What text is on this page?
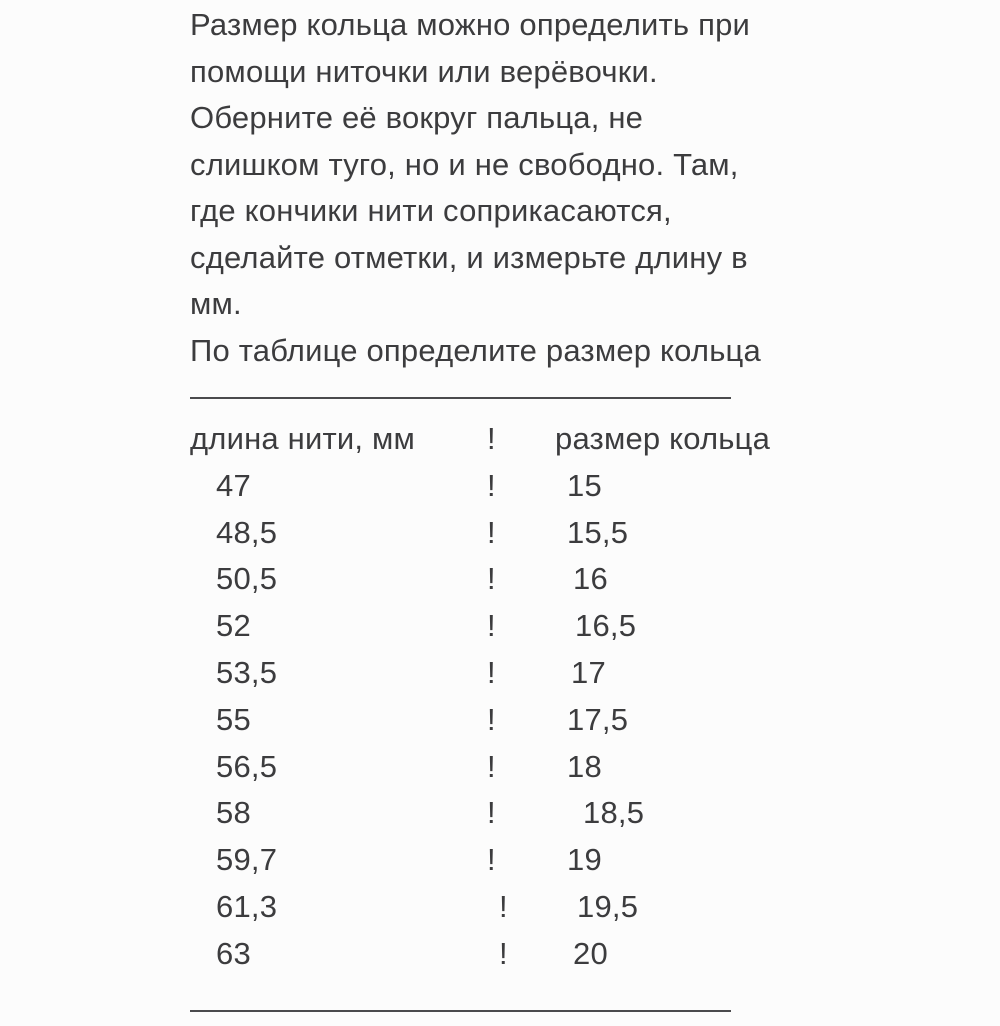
Размер кольца можно определить при
помощи ниточки или верёвочки.
Оберните её вокруг пальца, не
слишком туго, но и не свободно. Там,
где кончики нити соприкасаются,
сделайте отметки, и измерьте длину в
мм.
По таблице определите размер кольца
——————————————————
длина нити, мм	!	размер кольца
47	!	15
48,5	!	15,5
50,5	!	16
52	!	16,5
53,5	!	17
55	!	17,5
56,5	!	18
58	!	18,5
59,7	!	19
61,3	!	19,5
63	!	20
——————————————————
